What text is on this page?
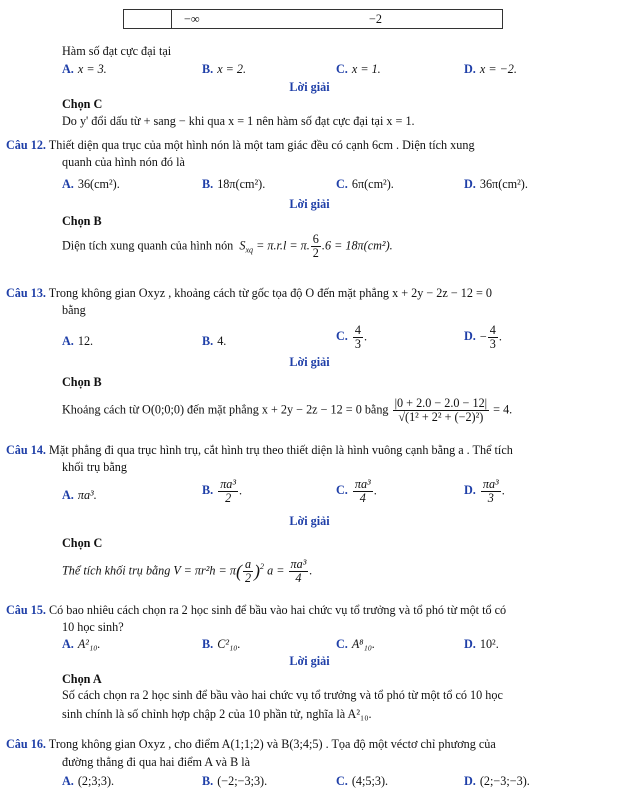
−∞	−2
Hàm số đạt cực đại tại
A. x = 3.	B. x = 2.	C. x = 1.	D. x = −2.
Lời giải
Chọn C
Do y' đổi dấu từ + sang − khi qua x = 1 nên hàm số đạt cực đại tại x = 1.
Câu 12. Thiết diện qua trục của một hình nón là một tam giác đều có cạnh 6cm . Diện tích xung
quanh của hình nón đó là
A. 36(cm²).	B. 18π(cm²).	C. 6π(cm²).	D. 36π(cm²).
Lời giải
Chọn B
Diện tích xung quanh của hình nón $S_{xq} = \pi.r.l = \pi$. $\frac{6}{2} .6 = 18\pi(cm^2)$.
Câu 13. Trong không gian Oxyz , khoảng cách từ gốc tọa độ O đến mặt phẳng x + 2y − 2z − 12 = 0
bằng
A. 12.	B. 4.	C. $\frac{4}{3}$ .	D. − $\frac{4}{3}$ .
Lời giải
Chọn B
Khoảng cách từ O(0;0;0) đến mặt phẳng x + 2y − 2z − 12 = 0 bằng $\frac{|0 + 2.0 - 2.0 - 12|}{\text{√(1² + 2² + (−2)²)}} = 4$.
Câu 14. Mặt phẳng đi qua trục hình trụ, cắt hình trụ theo thiết diện là hình vuông cạnh bằng a . Thể tích
khối trụ bằng
A. πa³.	B. $\frac{\text{πa³}}{2}$ .	C. $\frac{\text{πa³}}{4}$ .	D. $\frac{\text{πa³}}{3}$ .
Lời giải
Chọn C
Thể tích khối trụ bằng $V = \pi r^2h = \pi( \frac{a}{2} )^2$ $a = \frac{\text{πa³}}{4}$ .
Câu 15. Có bao nhiêu cách chọn ra 2 học sinh để bầu vào hai chức vụ tổ trưởng và tổ phó từ một tổ có
10 học sinh?
A. A²₁₀.	B. C²₁₀.	C. A⁸₁₀.	D. 10².
Lời giải
Chọn A
Số cách chọn ra 2 học sinh để bầu vào hai chức vụ tổ trưởng và tổ phó từ một tổ có 10 học
sinh chính là số chỉnh hợp chập 2 của 10 phần tử, nghĩa là A²₁₀.
Câu 16. Trong không gian Oxyz , cho điểm A(1;1;2) và B(3;4;5) . Tọa độ một véctơ chỉ phương của
đường thẳng đi qua hai điểm A và B là
A. (2;3;3).	B. (−2;−3;3).	C. (4;5;3).	D. (2;−3;−3).
